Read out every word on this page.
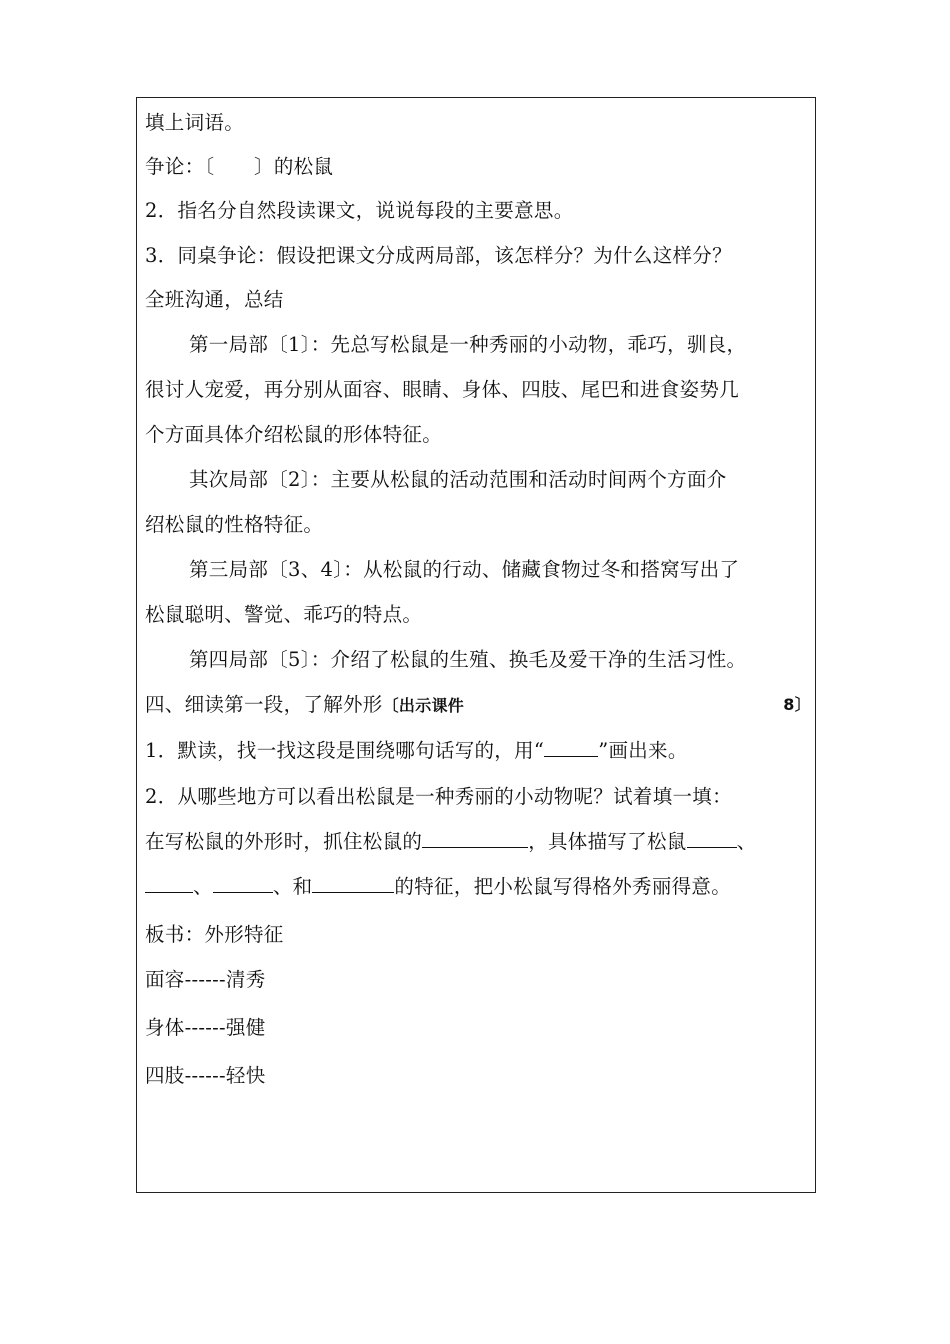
填上词语。
争论：〔　　〕的松鼠
2．指名分自然段读课文，说说每段的主要意思。
3．同桌争论：假设把课文分成两局部，该怎样分？为什么这样分？
全班沟通，总结
第一局部〔1〕：先总写松鼠是一种秀丽的小动物，乖巧，驯良，
很讨人宠爱，再分别从面容、眼睛、身体、四肢、尾巴和进食姿势几
个方面具体介绍松鼠的形体特征。
其次局部〔2〕：主要从松鼠的活动范围和活动时间两个方面介
绍松鼠的性格特征。
第三局部〔3、4〕：从松鼠的行动、储藏食物过冬和搭窝写出了
松鼠聪明、警觉、乖巧的特点。
第四局部〔5〕：介绍了松鼠的生殖、换毛及爱干净的生活习性。
四、细读第一段，了解外形〔出示课件	8〕
1．默读，找一找这段是围绕哪句话写的，用“	”画出来。
2．从哪些地方可以看出松鼠是一种秀丽的小动物呢？试着填一填：
在写松鼠的外形时，抓住松鼠的	，具体描写了松鼠	、
、	、和	的特征，把小松鼠写得格外秀丽得意。
板书：外形特征
面容------清秀
身体------强健
四肢------轻快
